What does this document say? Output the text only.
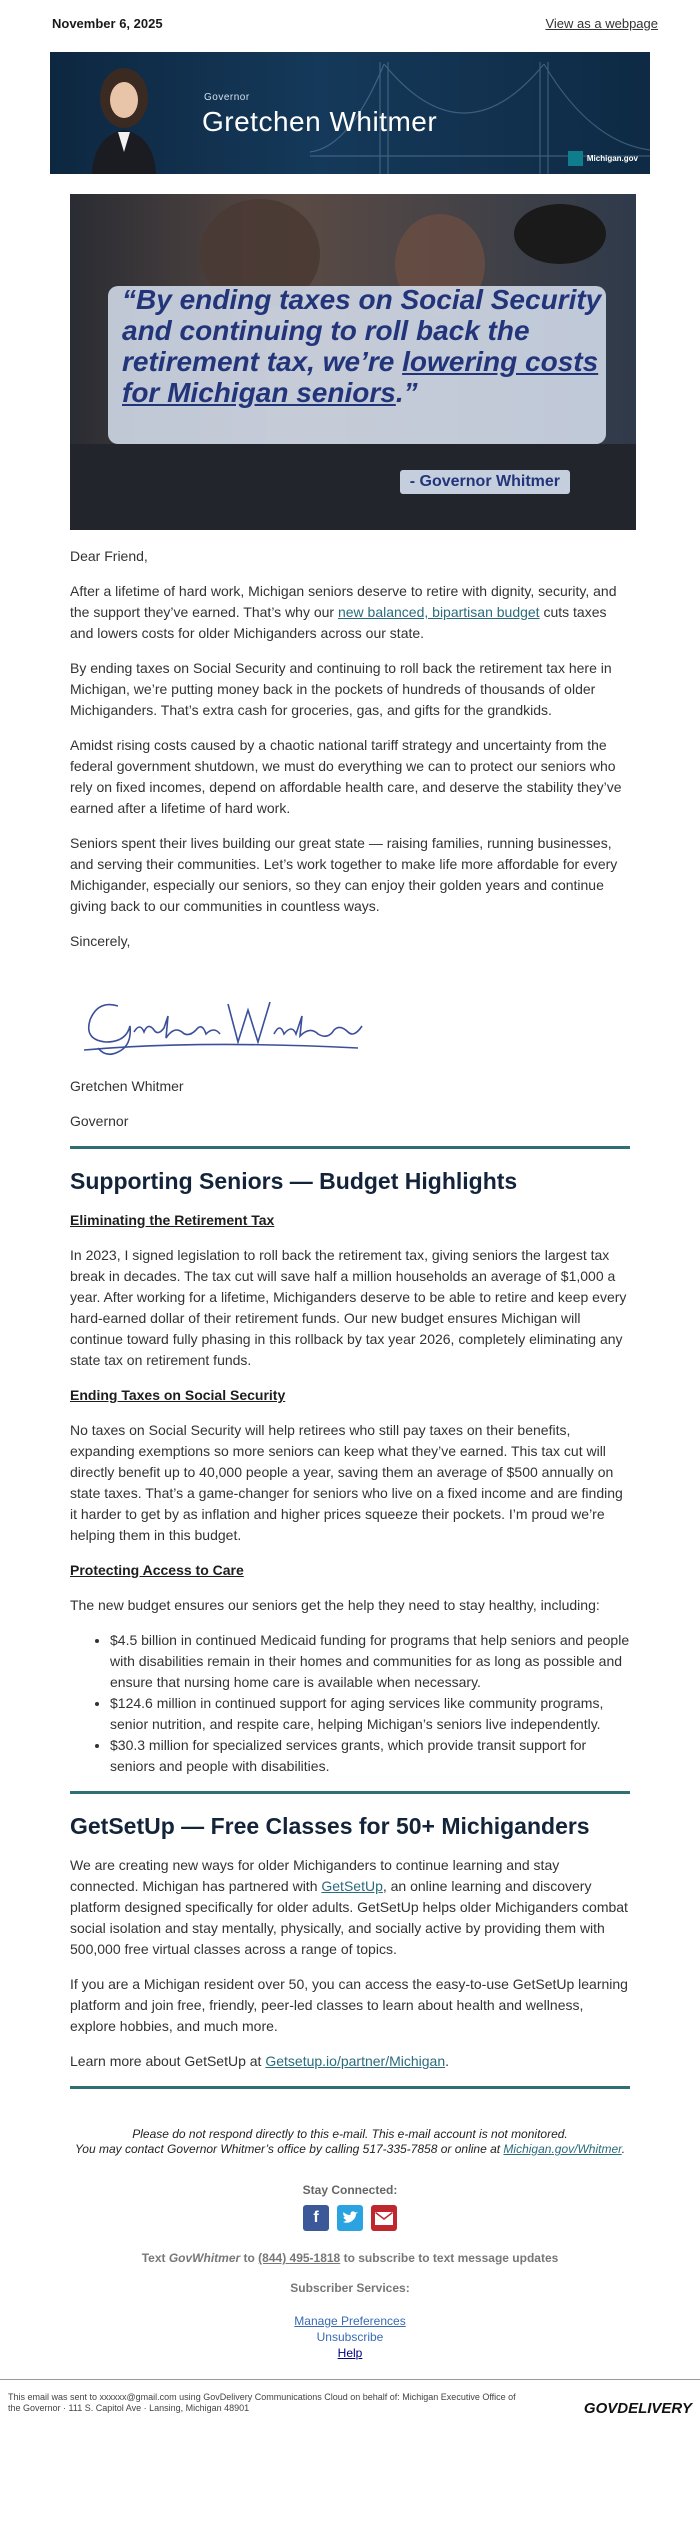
November 6, 2025	View as a webpage
Governor
Gretchen Whitmer
Michigan.gov
“By ending taxes on Social Security and continuing to roll back the retirement tax, we’re lowering costs for Michigan seniors.”
- Governor Whitmer

Dear Friend,

After a lifetime of hard work, Michigan seniors deserve to retire with dignity, security, and the support they’ve earned. That’s why our new balanced, bipartisan budget cuts taxes and lowers costs for older Michiganders across our state.

By ending taxes on Social Security and continuing to roll back the retirement tax here in Michigan, we’re putting money back in the pockets of hundreds of thousands of older Michiganders. That’s extra cash for groceries, gas, and gifts for the grandkids.

Amidst rising costs caused by a chaotic national tariff strategy and uncertainty from the federal government shutdown, we must do everything we can to protect our seniors who rely on fixed incomes, depend on affordable health care, and deserve the stability they’ve earned after a lifetime of hard work.

Seniors spent their lives building our great state — raising families, running businesses, and serving their communities. Let’s work together to make life more affordable for every Michigander, especially our seniors, so they can enjoy their golden years and continue giving back to our communities in countless ways.

Sincerely,

Gretchen Whitmer

Governor

Supporting Seniors — Budget Highlights
Eliminating the Retirement Tax

In 2023, I signed legislation to roll back the retirement tax, giving seniors the largest tax break in decades. The tax cut will save half a million households an average of $1,000 a year. After working for a lifetime, Michiganders deserve to be able to retire and keep every hard-earned dollar of their retirement funds. Our new budget ensures Michigan will continue toward fully phasing in this rollback by tax year 2026, completely eliminating any state tax on retirement funds.

Ending Taxes on Social Security

No taxes on Social Security will help retirees who still pay taxes on their benefits, expanding exemptions so more seniors can keep what they’ve earned. This tax cut will directly benefit up to 40,000 people a year, saving them an average of $500 annually on state taxes. That’s a game-changer for seniors who live on a fixed income and are finding it harder to get by as inflation and higher prices squeeze their pockets. I’m proud we’re helping them in this budget.

Protecting Access to Care

The new budget ensures our seniors get the help they need to stay healthy, including:

• $4.5 billion in continued Medicaid funding for programs that help seniors and people with disabilities remain in their homes and communities for as long as possible and ensure that nursing home care is available when necessary.
• $124.6 million in continued support for aging services like community programs, senior nutrition, and respite care, helping Michigan’s seniors live independently.
• $30.3 million for specialized services grants, which provide transit support for seniors and people with disabilities.
GetSetUp — Free Classes for 50+ Michiganders

We are creating new ways for older Michiganders to continue learning and stay connected. Michigan has partnered with GetSetUp, an online learning and discovery platform designed specifically for older adults. GetSetUp helps older Michiganders combat social isolation and stay mentally, physically, and socially active by providing them with 500,000 free virtual classes across a range of topics.

If you are a Michigan resident over 50, you can access the easy-to-use GetSetUp learning platform and join free, friendly, peer-led classes to learn about health and wellness, explore hobbies, and much more.

Learn more about GetSetUp at Getsetup.io/partner/Michigan.

Please do not respond directly to this e-mail. This e-mail account is not monitored.
You may contact Governor Whitmer’s office by calling 517-335-7858 or online at Michigan.gov/Whitmer.
Stay Connected:
f
Text GovWhitmer to (844) 495-1818 to subscribe to text message updates
Subscriber Services:
Manage Preferences
Unsubscribe
Help
This email was sent to xxxxxx@gmail.com using GovDelivery Communications Cloud on behalf of: Michigan Executive Office of
the Governor · 111 S. Capitol Ave · Lansing, Michigan 48901	GOVDELIVERY
